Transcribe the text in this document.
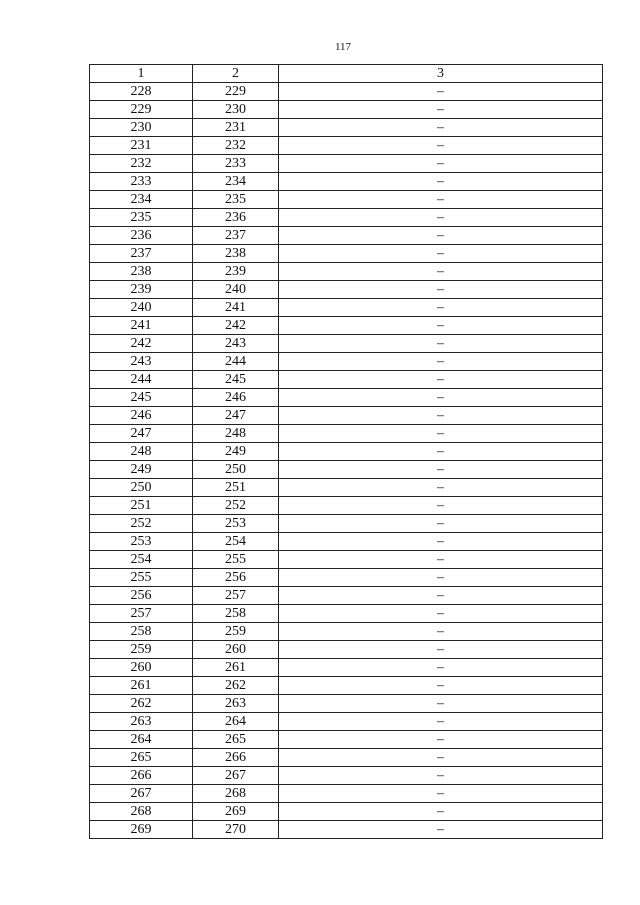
117
1	2	3
228	229	–
229	230	–
230	231	–
231	232	–
232	233	–
233	234	–
234	235	–
235	236	–
236	237	–
237	238	–
238	239	–
239	240	–
240	241	–
241	242	–
242	243	–
243	244	–
244	245	–
245	246	–
246	247	–
247	248	–
248	249	–
249	250	–
250	251	–
251	252	–
252	253	–
253	254	–
254	255	–
255	256	–
256	257	–
257	258	–
258	259	–
259	260	–
260	261	–
261	262	–
262	263	–
263	264	–
264	265	–
265	266	–
266	267	–
267	268	–
268	269	–
269	270	–
